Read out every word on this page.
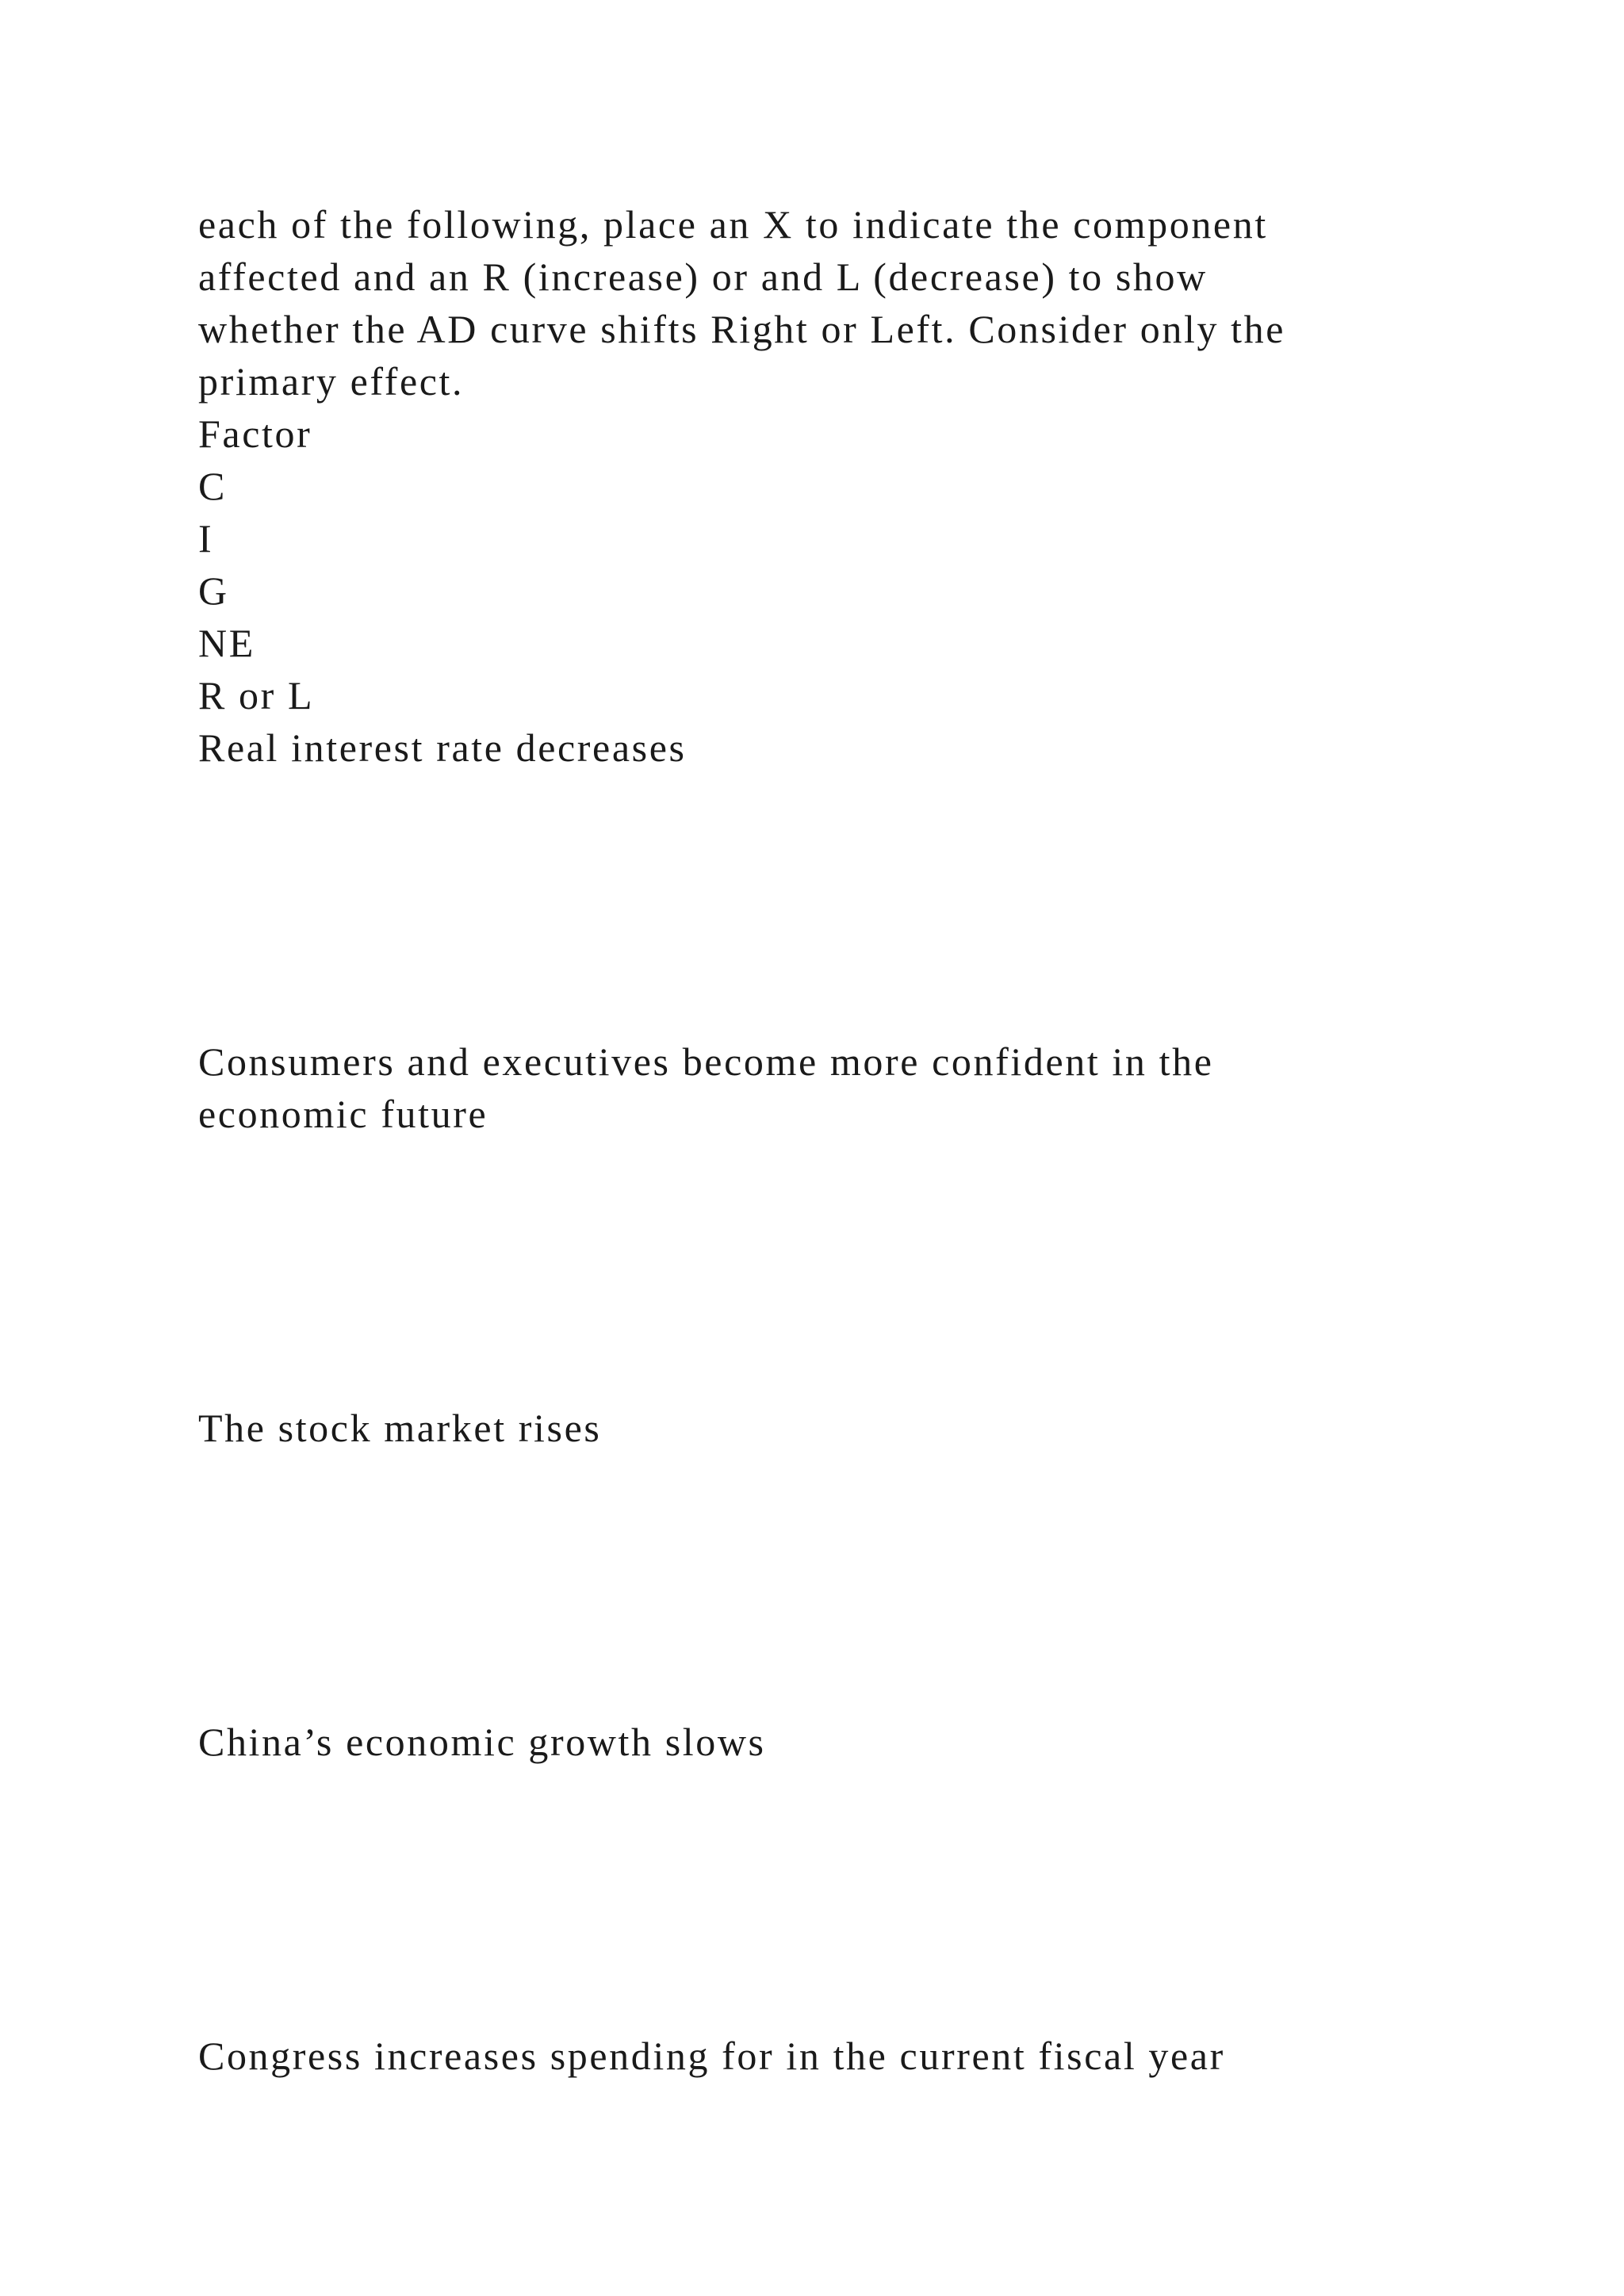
each of the following, place an X to indicate the component

affected and an R (increase) or and L (decrease) to show

whether the AD curve shifts Right or Left. Consider only the

primary effect.

Factor

C

I

G

NE

R or L

Real interest rate decreases

Consumers and executives become more confident in the

economic future

The stock market rises

China’s economic growth slows

Congress increases spending for in the current fiscal year
